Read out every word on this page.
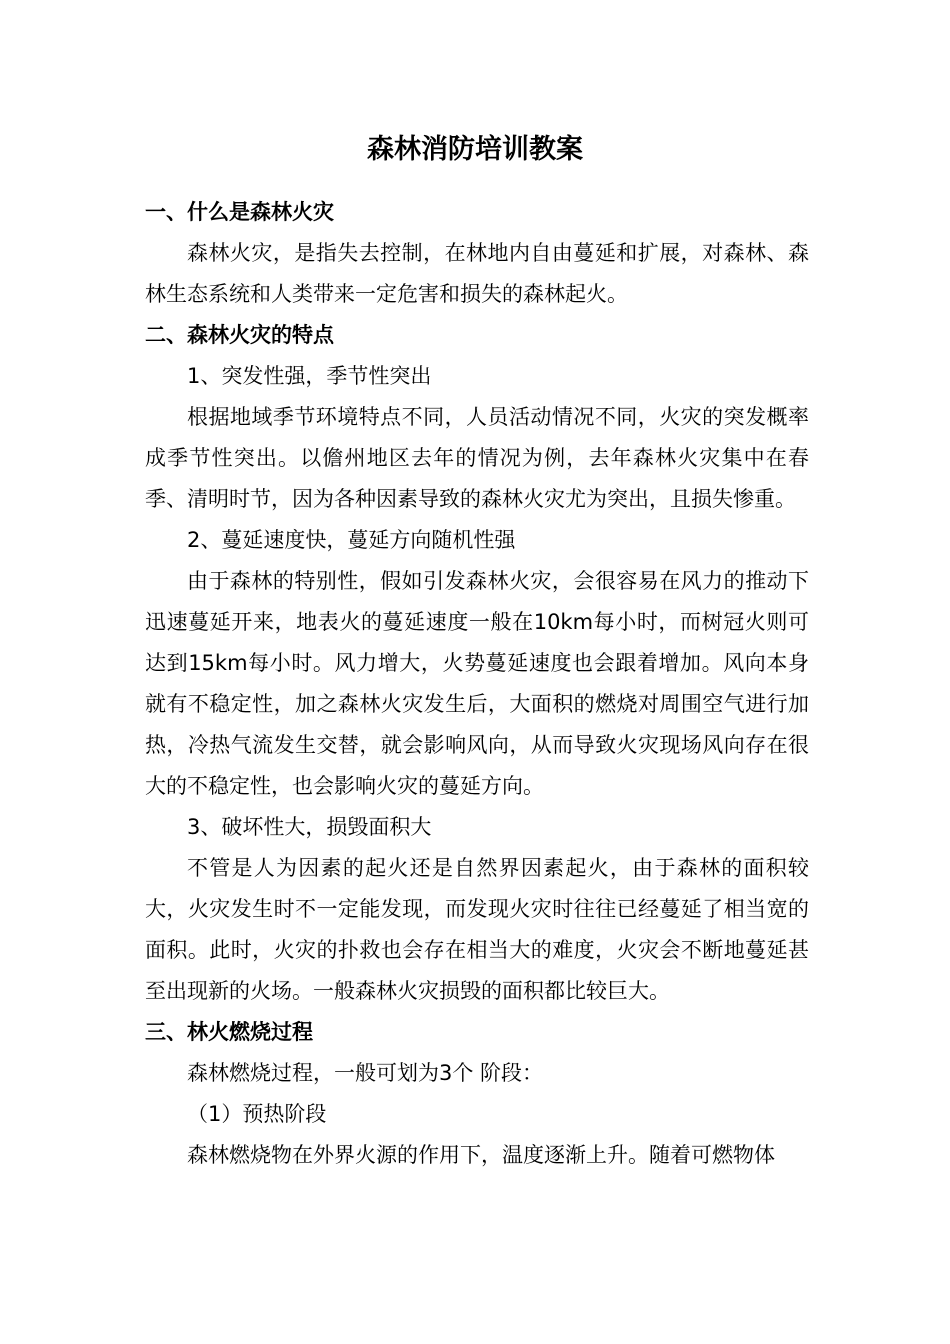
森林消防培训教案

一、什么是森林火灾

森林火灾，是指失去控制，在林地内自由蔓延和扩展，对森林、森林生态系统和人类带来一定危害和损失的森林起火。

二、森林火灾的特点

1、突发性强，季节性突出

根据地域季节环境特点不同，人员活动情况不同，火灾的突发概率成季节性突出。以儋州地区去年的情况为例，去年森林火灾集中在春季、清明时节，因为各种因素导致的森林火灾尤为突出，且损失惨重。

2、蔓延速度快，蔓延方向随机性强

由于森林的特别性，假如引发森林火灾，会很容易在风力的推动下迅速蔓延开来，地表火的蔓延速度一般在10km每小时，而树冠火则可达到15km每小时。风力增大，火势蔓延速度也会跟着增加。风向本身就有不稳定性，加之森林火灾发生后，大面积的燃烧对周围空气进行加热，冷热气流发生交替，就会影响风向，从而导致火灾现场风向存在很大的不稳定性，也会影响火灾的蔓延方向。

3、破坏性大，损毁面积大

不管是人为因素的起火还是自然界因素起火，由于森林的面积较大，火灾发生时不一定能发现，而发现火灾时往往已经蔓延了相当宽的面积。此时，火灾的扑救也会存在相当大的难度，火灾会不断地蔓延甚至出现新的火场。一般森林火灾损毁的面积都比较巨大。

三、林火燃烧过程

森林燃烧过程，一般可划为3个 阶段：

（1）预热阶段

森林燃烧物在外界火源的作用下，温度逐渐上升。随着可燃物体
